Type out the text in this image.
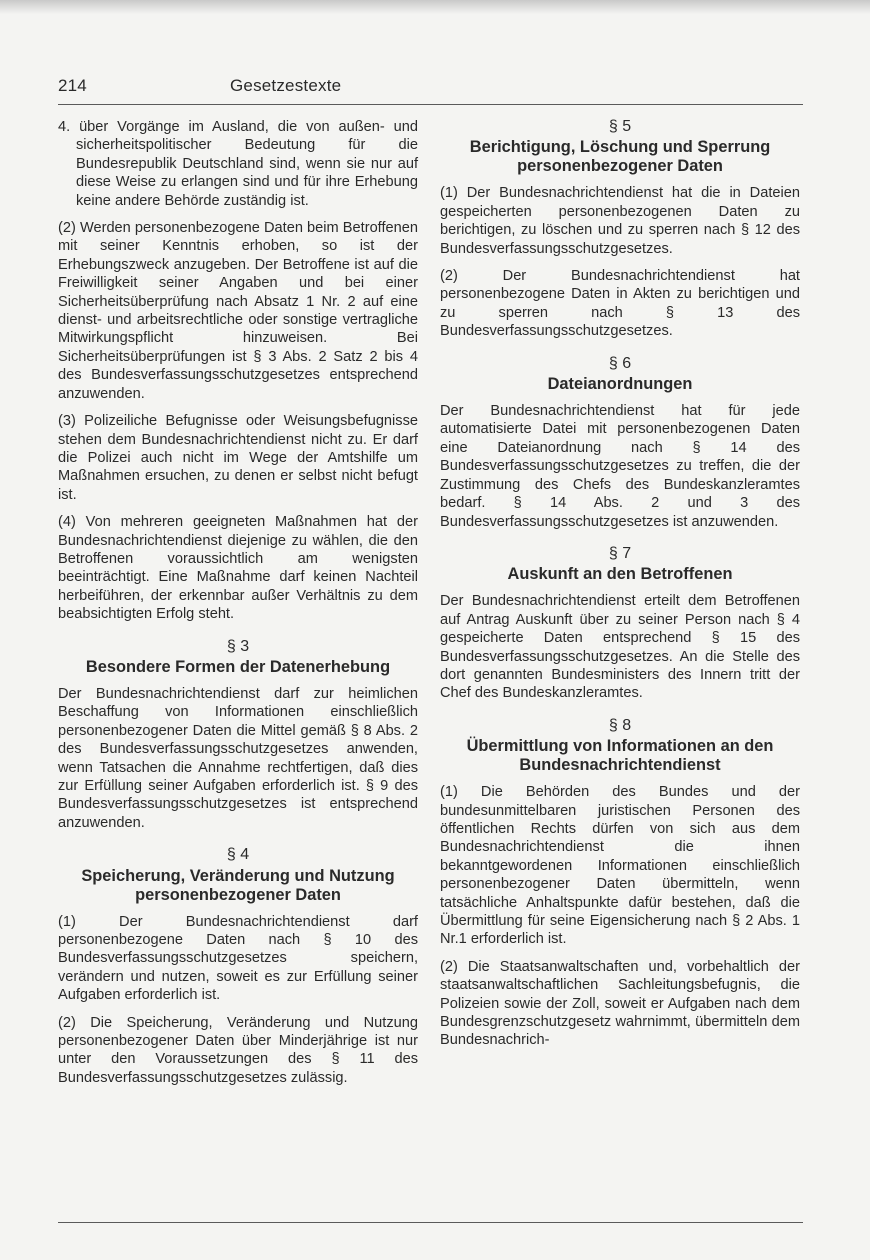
214	Gesetzestexte

4. über Vorgänge im Ausland, die von außen- und sicherheitspolitischer Bedeutung für die Bundesrepublik Deutschland sind, wenn sie nur auf diese Weise zu erlangen sind und für ihre Erhebung keine andere Behörde zuständig ist.

(2) Werden personenbezogene Daten beim Betroffenen mit seiner Kenntnis erhoben, so ist der Erhebungszweck anzugeben. Der Betroffene ist auf die Freiwilligkeit seiner Angaben und bei einer Sicherheitsüberprüfung nach Absatz 1 Nr. 2 auf eine dienst- und arbeitsrechtliche oder sonstige vertragliche Mitwirkungspflicht hinzuweisen. Bei Sicherheitsüberprüfungen ist § 3 Abs. 2 Satz 2 bis 4 des Bundesverfassungsschutzgesetzes entsprechend anzuwenden.

(3) Polizeiliche Befugnisse oder Weisungsbefugnisse stehen dem Bundesnachrichtendienst nicht zu. Er darf die Polizei auch nicht im Wege der Amtshilfe um Maßnahmen ersuchen, zu denen er selbst nicht befugt ist.

(4) Von mehreren geeigneten Maßnahmen hat der Bundesnachrichtendienst diejenige zu wählen, die den Betroffenen voraussichtlich am wenigsten beeinträchtigt. Eine Maßnahme darf keinen Nachteil herbeiführen, der erkennbar außer Verhältnis zu dem beabsichtigten Erfolg steht.

§ 3
Besondere Formen der Datenerhebung

Der Bundesnachrichtendienst darf zur heimlichen Beschaffung von Informationen einschließlich personenbezogener Daten die Mittel gemäß § 8 Abs. 2 des Bundesverfassungsschutzgesetzes anwenden, wenn Tatsachen die Annahme rechtfertigen, daß dies zur Erfüllung seiner Aufgaben erforderlich ist. § 9 des Bundesverfassungsschutzgesetzes ist entsprechend anzuwenden.

§ 4
Speicherung, Veränderung und Nutzung personenbezogener Daten

(1) Der Bundesnachrichtendienst darf personenbezogene Daten nach § 10 des Bundesverfassungsschutzgesetzes speichern, verändern und nutzen, soweit es zur Erfüllung seiner Aufgaben erforderlich ist.

(2) Die Speicherung, Veränderung und Nutzung personenbezogener Daten über Minderjährige ist nur unter den Voraussetzungen des § 11 des Bundesverfassungsschutzgesetzes zulässig.

§ 5
Berichtigung, Löschung und Sperrung personenbezogener Daten

(1) Der Bundesnachrichtendienst hat die in Dateien gespeicherten personenbezogenen Daten zu berichtigen, zu löschen und zu sperren nach § 12 des Bundesverfassungsschutzgesetzes.

(2) Der Bundesnachrichtendienst hat personenbezogene Daten in Akten zu berichtigen und zu sperren nach § 13 des Bundesverfassungsschutzgesetzes.

§ 6
Dateianordnungen

Der Bundesnachrichtendienst hat für jede automatisierte Datei mit personenbezogenen Daten eine Dateianordnung nach § 14 des Bundesverfassungsschutzgesetzes zu treffen, die der Zustimmung des Chefs des Bundeskanzleramtes bedarf. § 14 Abs. 2 und 3 des Bundesverfassungsschutzgesetzes ist anzuwenden.

§ 7
Auskunft an den Betroffenen

Der Bundesnachrichtendienst erteilt dem Betroffenen auf Antrag Auskunft über zu seiner Person nach § 4 gespeicherte Daten entsprechend § 15 des Bundesverfassungsschutzgesetzes. An die Stelle des dort genannten Bundesministers des Innern tritt der Chef des Bundeskanzleramtes.

§ 8
Übermittlung von Informationen an den Bundesnachrichtendienst

(1) Die Behörden des Bundes und der bundesunmittelbaren juristischen Personen des öffentlichen Rechts dürfen von sich aus dem Bundesnachrichtendienst die ihnen bekanntgewordenen Informationen einschließlich personenbezogener Daten übermitteln, wenn tatsächliche Anhaltspunkte dafür bestehen, daß die Übermittlung für seine Eigensicherung nach § 2 Abs. 1 Nr.1 erforderlich ist.

(2) Die Staatsanwaltschaften und, vorbehaltlich der staatsanwaltschaftlichen Sachleitungsbefugnis, die Polizeien sowie der Zoll, soweit er Aufgaben nach dem Bundesgrenzschutzgesetz wahrnimmt, übermitteln dem Bundesnachrich-
